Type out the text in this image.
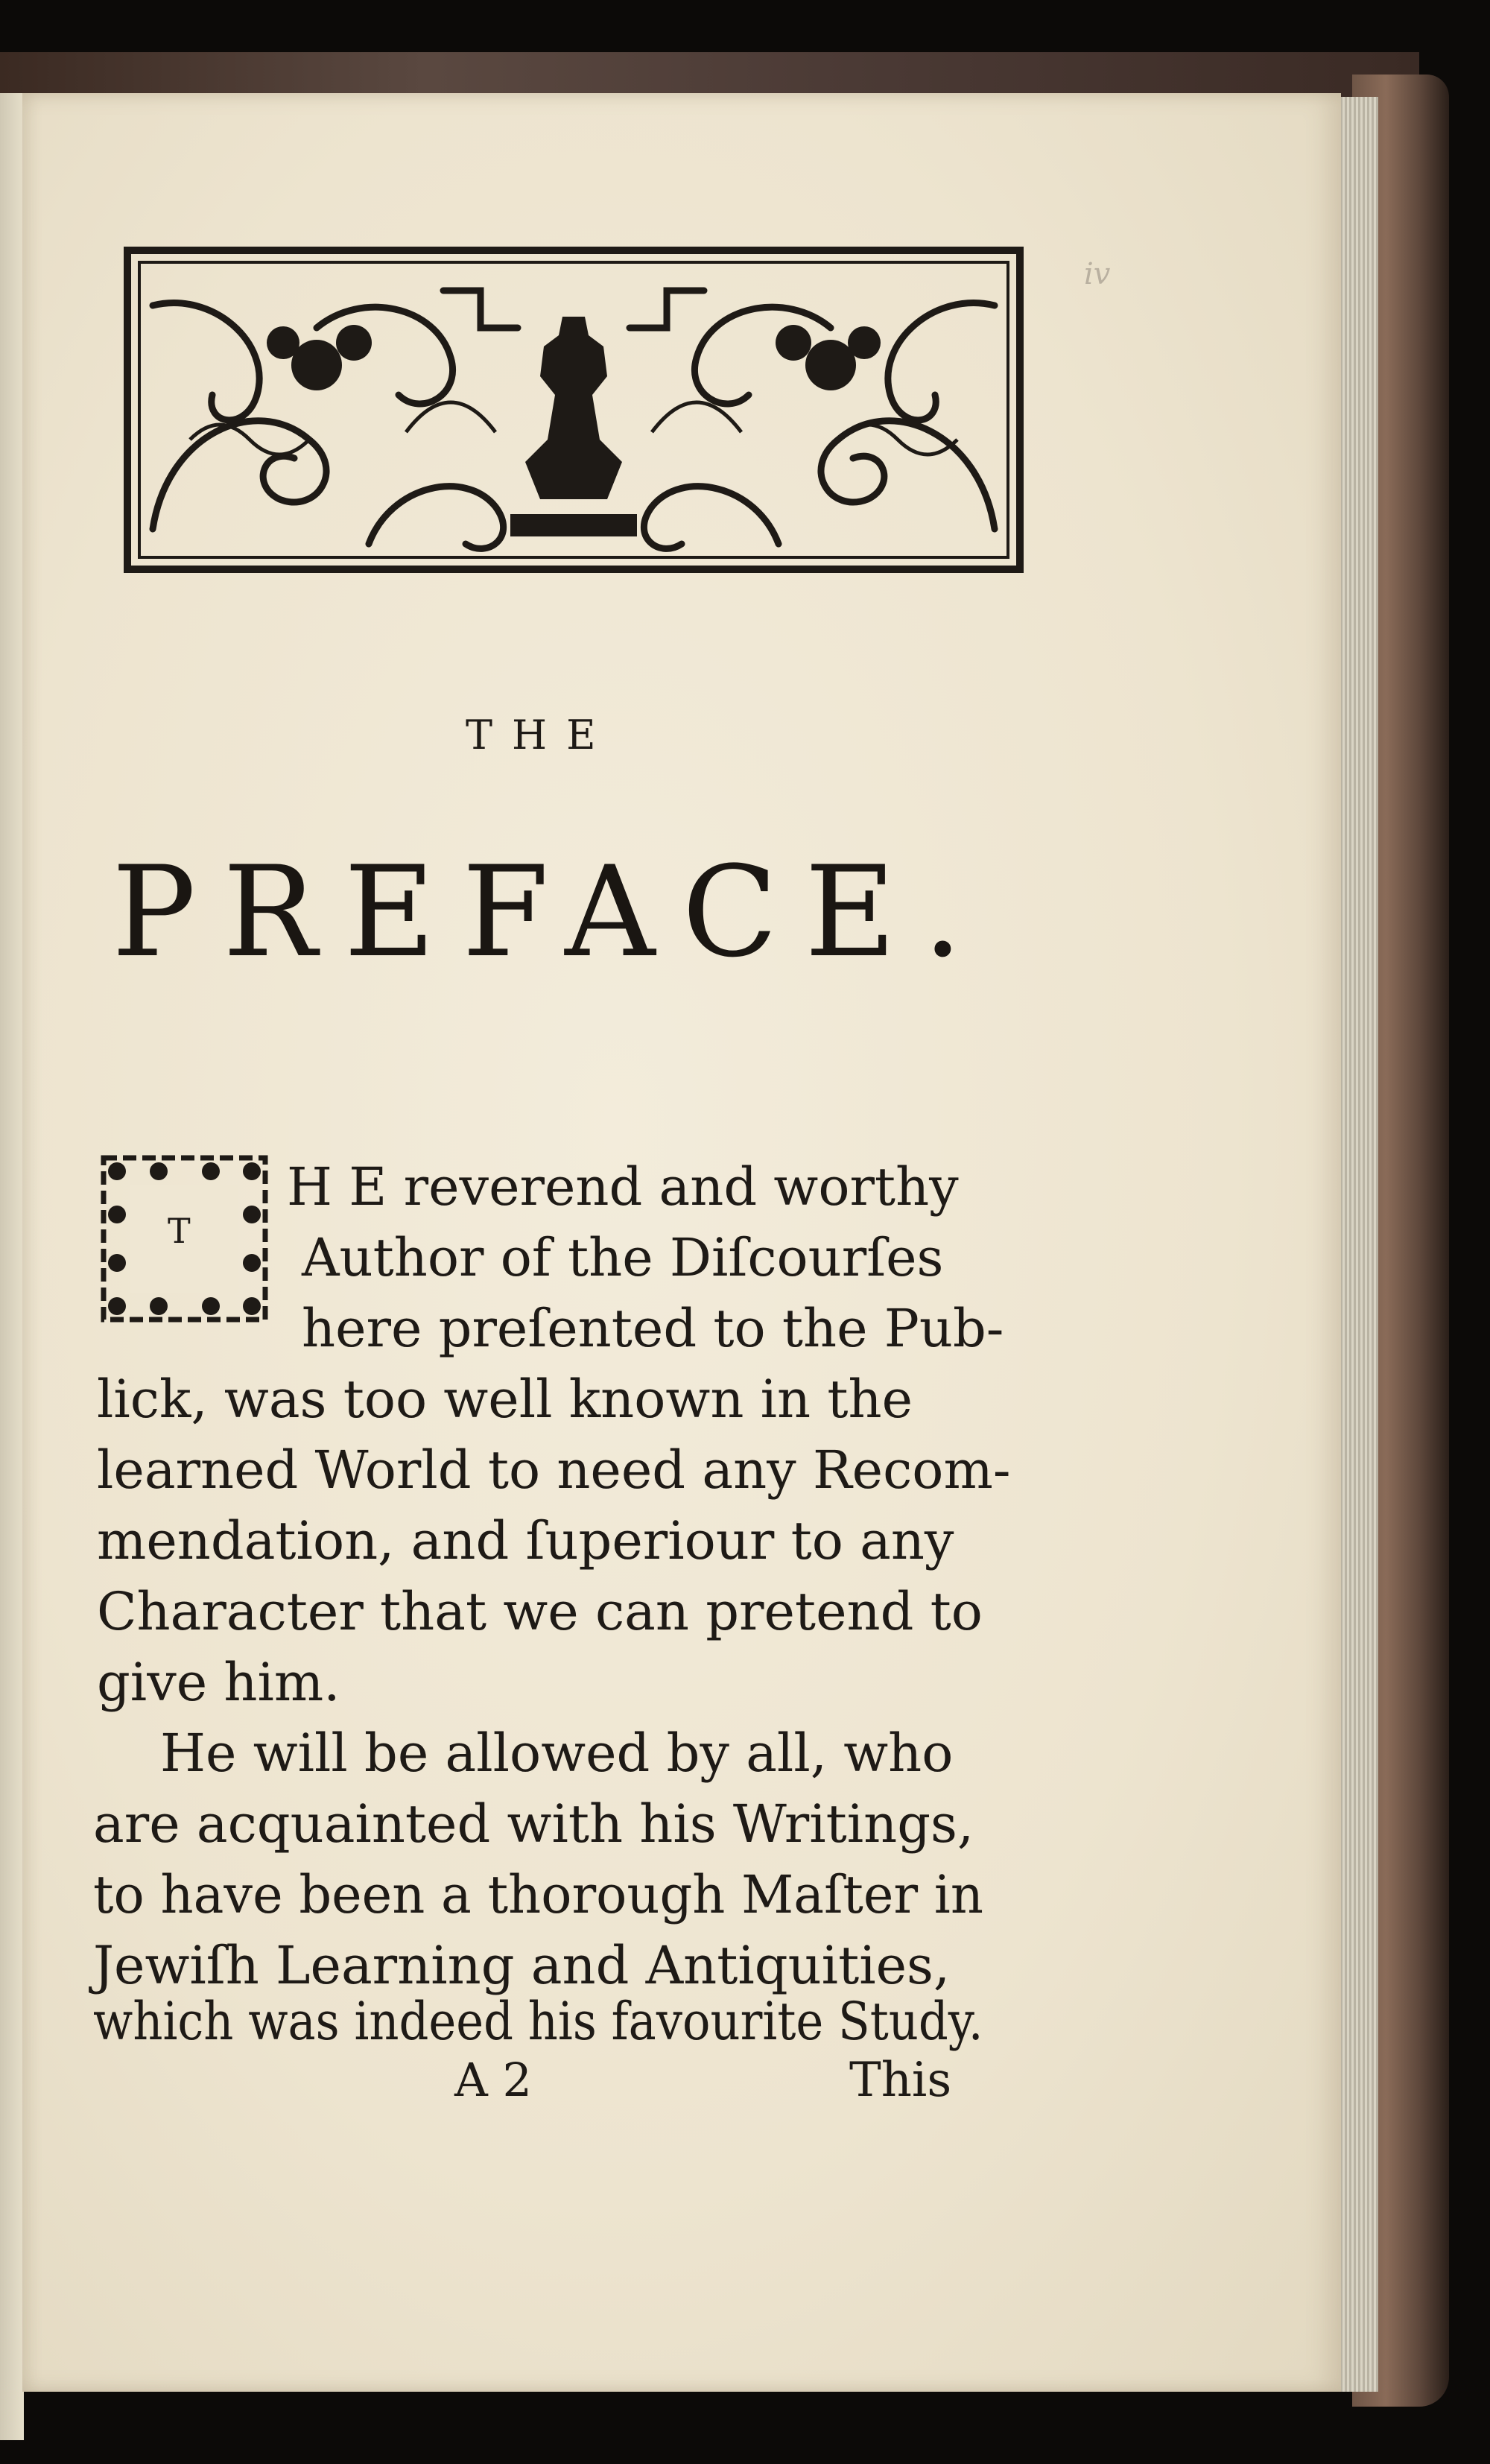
iv
THE
PREFACE.
T
H E reverend and worthy
Author of the Diſcourſes
here preſented to the Pub-
lick, was too well known in the
learned World to need any Recom-
mendation, and ſuperiour to any
Character that we can pretend to
give him.
He will be allowed by all, who
are acquainted with his Writings,
to have been a thorough Maſter in
Jewiſh Learning and Antiquities,
which was indeed his favourite Study.
A 2	This
